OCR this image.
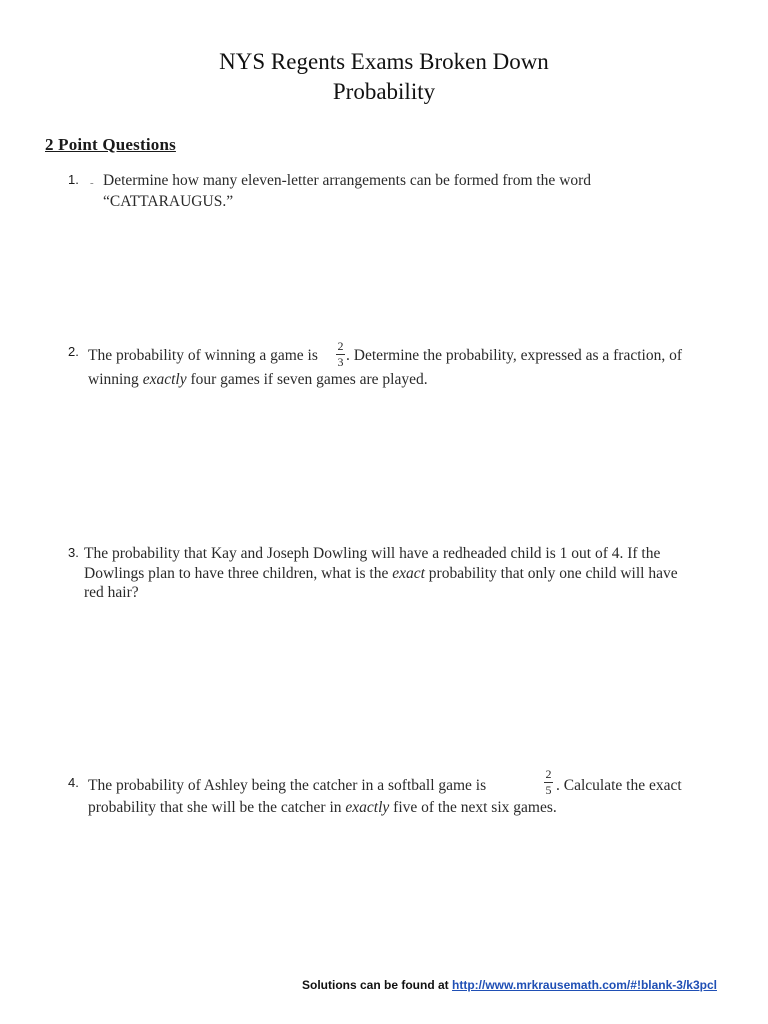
NYS Regents Exams Broken Down
Probability
2 Point Questions
1. - Determine how many eleven-letter arrangements can be formed from the word
“CATTARAUGUS.”
2. The probability of winning a game is
2
3 . Determine the probability, expressed as a fraction, of
winning exactly four games if seven games are played.
3. The probability that Kay and Joseph Dowling will have a redheaded child is 1 out of 4. If the
Dowlings plan to have three children, what is the exact probability that only one child will have
red hair?
4. The probability of Ashley being the catcher in a softball game is
2
5 . Calculate the exact
probability that she will be the catcher in exactly five of the next six games.
Solutions can be found at http://www.mrkrausemath.com/#!blank-3/k3pcl
